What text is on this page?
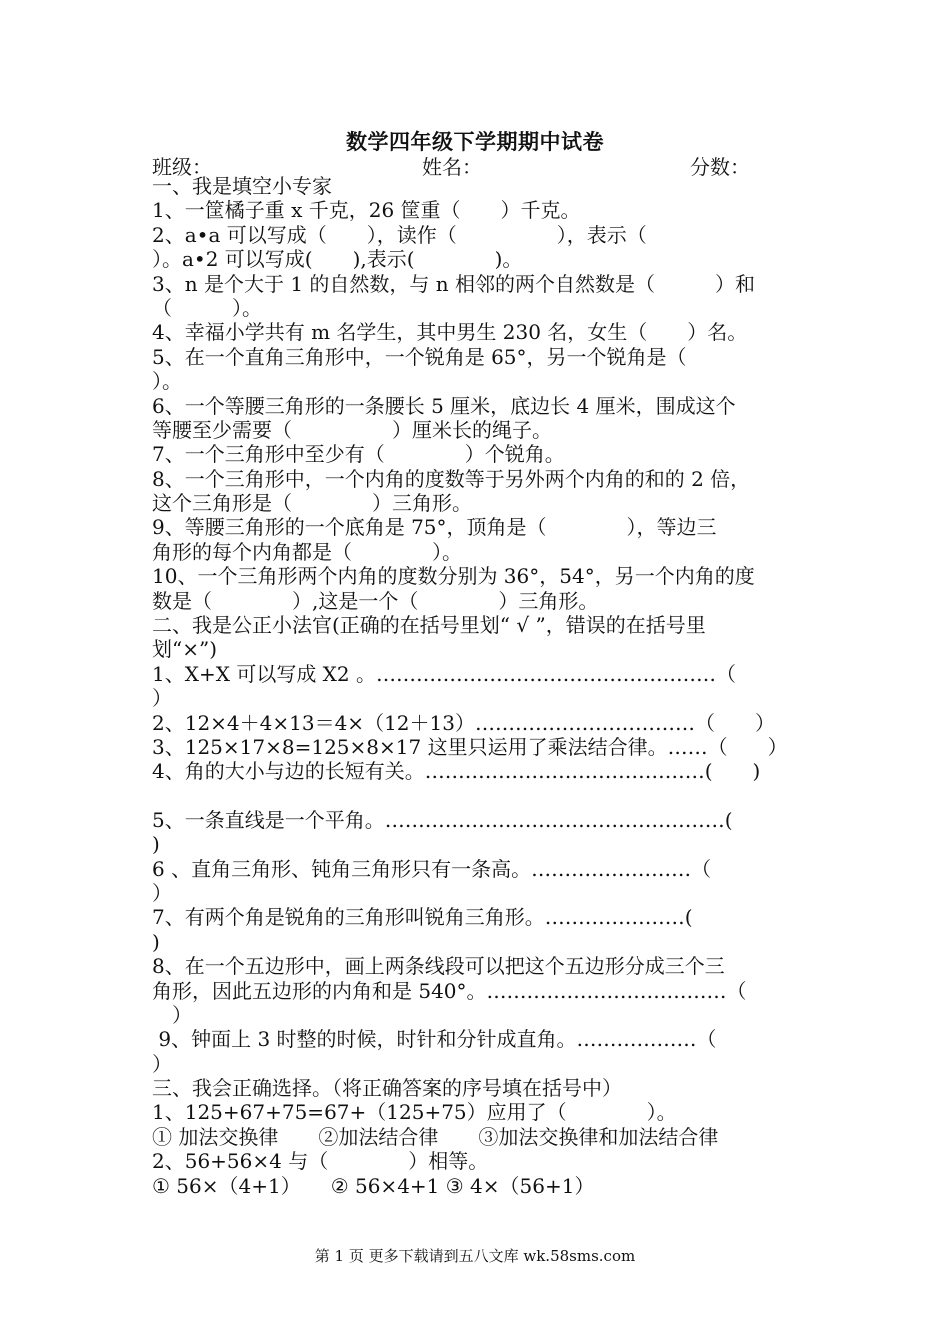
数学四年级下学期期中试卷
班级：	姓名：	分数：
一、我是填空小专家
1、一筐橘子重 x 千克，26 筐重（　　）千克。
2、a•a 可以写成（　　），读作（　　　　　），表示（
）。a•2 可以写成(　　),表示(　　　　)。
3、n 是个大于 1 的自然数，与 n 相邻的两个自然数是（　　　）和
（　　　）。
4、幸福小学共有 m 名学生，其中男生 230 名，女生（　　）名。
5、在一个直角三角形中，一个锐角是 65°，另一个锐角是（
）。
6、一个等腰三角形的一条腰长 5 厘米，底边长 4 厘米，围成这个
等腰至少需要（　　　　　）厘米长的绳子。
7、一个三角形中至少有（　　　　）个锐角。
8、一个三角形中，一个内角的度数等于另外两个内角的和的 2 倍，
这个三角形是（　　　　）三角形。
9、等腰三角形的一个底角是 75°，顶角是（　　　　），等边三
角形的每个内角都是（　　　　）。
10、一个三角形两个内角的度数分别为 36°，54°，另一个内角的度
数是（　　　　）,这是一个（　　　　）三角形。
二、我是公正小法官(正确的在括号里划“ √ ”，错误的在括号里
划“×”)
1、X+X 可以写成 X2 。……………………………………………（
）
2、12×4＋4×13＝4×（12＋13）……………………………（　　）
3、125×17×8=125×8×17 这里只运用了乘法结合律。……（　　）
4、角的大小与边的长短有关。……………………………………(　　)
5、一条直线是一个平角。……………………………………………(
)
6 、直角三角形、钝角三角形只有一条高。……………………（
）
7、有两个角是锐角的三角形叫锐角三角形。…………………(
)
8、在一个五边形中，画上两条线段可以把这个五边形分成三个三
角形，因此五边形的内角和是 540°。………………………………（
　）
9、钟面上 3 时整的时候，时针和分针成直角。………………（
）
三、我会正确选择。（将正确答案的序号填在括号中）
1、125+67+75=67+（125+75）应用了（　　　　）。
① 加法交换律　　②加法结合律　　③加法交换律和加法结合律
2、56+56×4 与（　　　　）相等。
① 56×（4+1）　　② 56×4+1 ③ 4×（56+1）
第 1 页 更多下载请到五八文库 wk.58sms.com
